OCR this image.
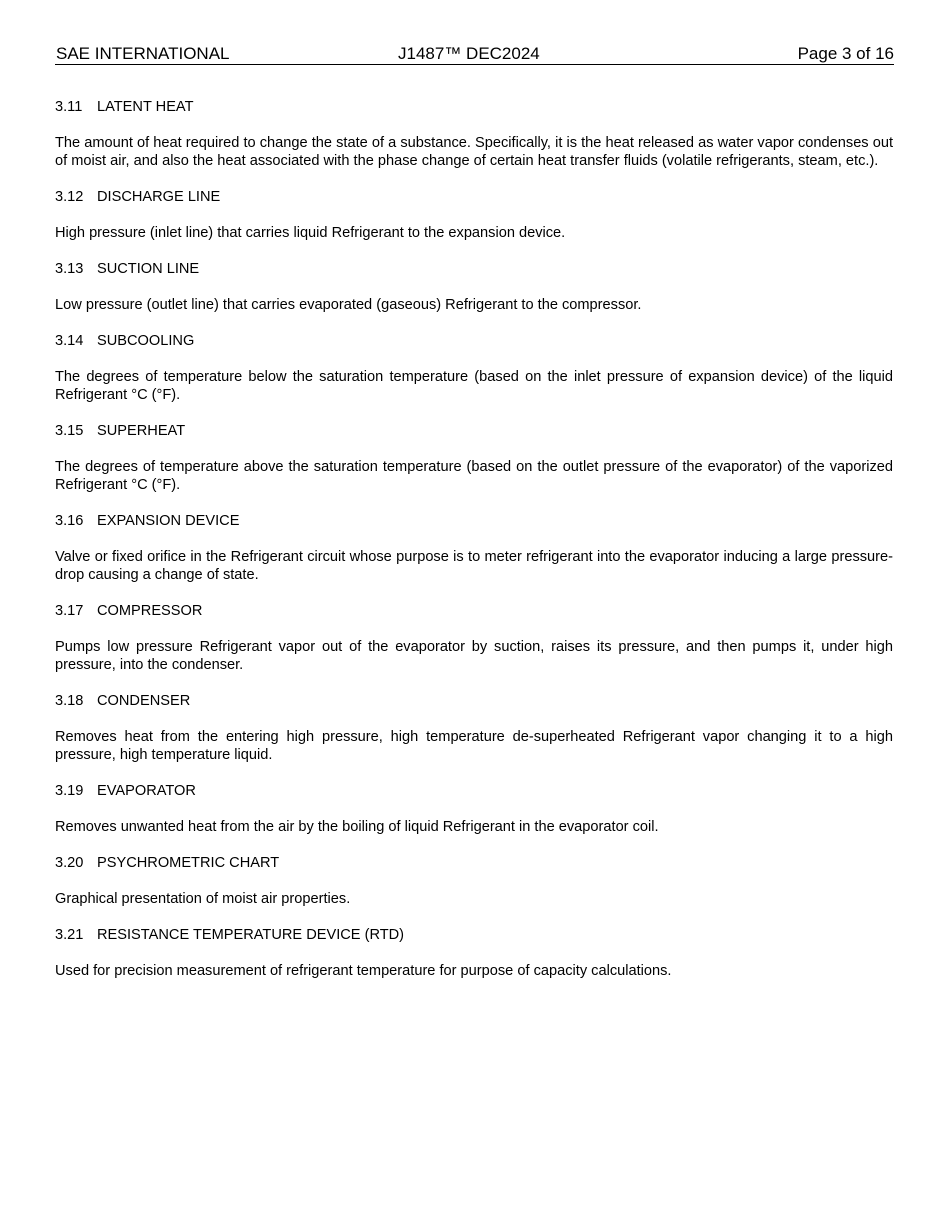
SAE INTERNATIONAL	J1487™ DEC2024	Page 3 of 16

3.11 LATENT HEAT

The amount of heat required to change the state of a substance. Specifically, it is the heat released as water vapor condenses out of moist air, and also the heat associated with the phase change of certain heat transfer fluids (volatile refrigerants, steam, etc.).

3.12 DISCHARGE LINE

High pressure (inlet line) that carries liquid Refrigerant to the expansion device.

3.13 SUCTION LINE

Low pressure (outlet line) that carries evaporated (gaseous) Refrigerant to the compressor.

3.14 SUBCOOLING

The degrees of temperature below the saturation temperature (based on the inlet pressure of expansion device) of the liquid Refrigerant °C (°F).

3.15 SUPERHEAT

The degrees of temperature above the saturation temperature (based on the outlet pressure of the evaporator) of the vaporized Refrigerant °C (°F).

3.16 EXPANSION DEVICE

Valve or fixed orifice in the Refrigerant circuit whose purpose is to meter refrigerant into the evaporator inducing a large pressure-drop causing a change of state.

3.17 COMPRESSOR

Pumps low pressure Refrigerant vapor out of the evaporator by suction, raises its pressure, and then pumps it, under high pressure, into the condenser.

3.18 CONDENSER

Removes heat from the entering high pressure, high temperature de-superheated Refrigerant vapor changing it to a high pressure, high temperature liquid.

3.19 EVAPORATOR

Removes unwanted heat from the air by the boiling of liquid Refrigerant in the evaporator coil.

3.20 PSYCHROMETRIC CHART

Graphical presentation of moist air properties.

3.21 RESISTANCE TEMPERATURE DEVICE (RTD)

Used for precision measurement of refrigerant temperature for purpose of capacity calculations.
